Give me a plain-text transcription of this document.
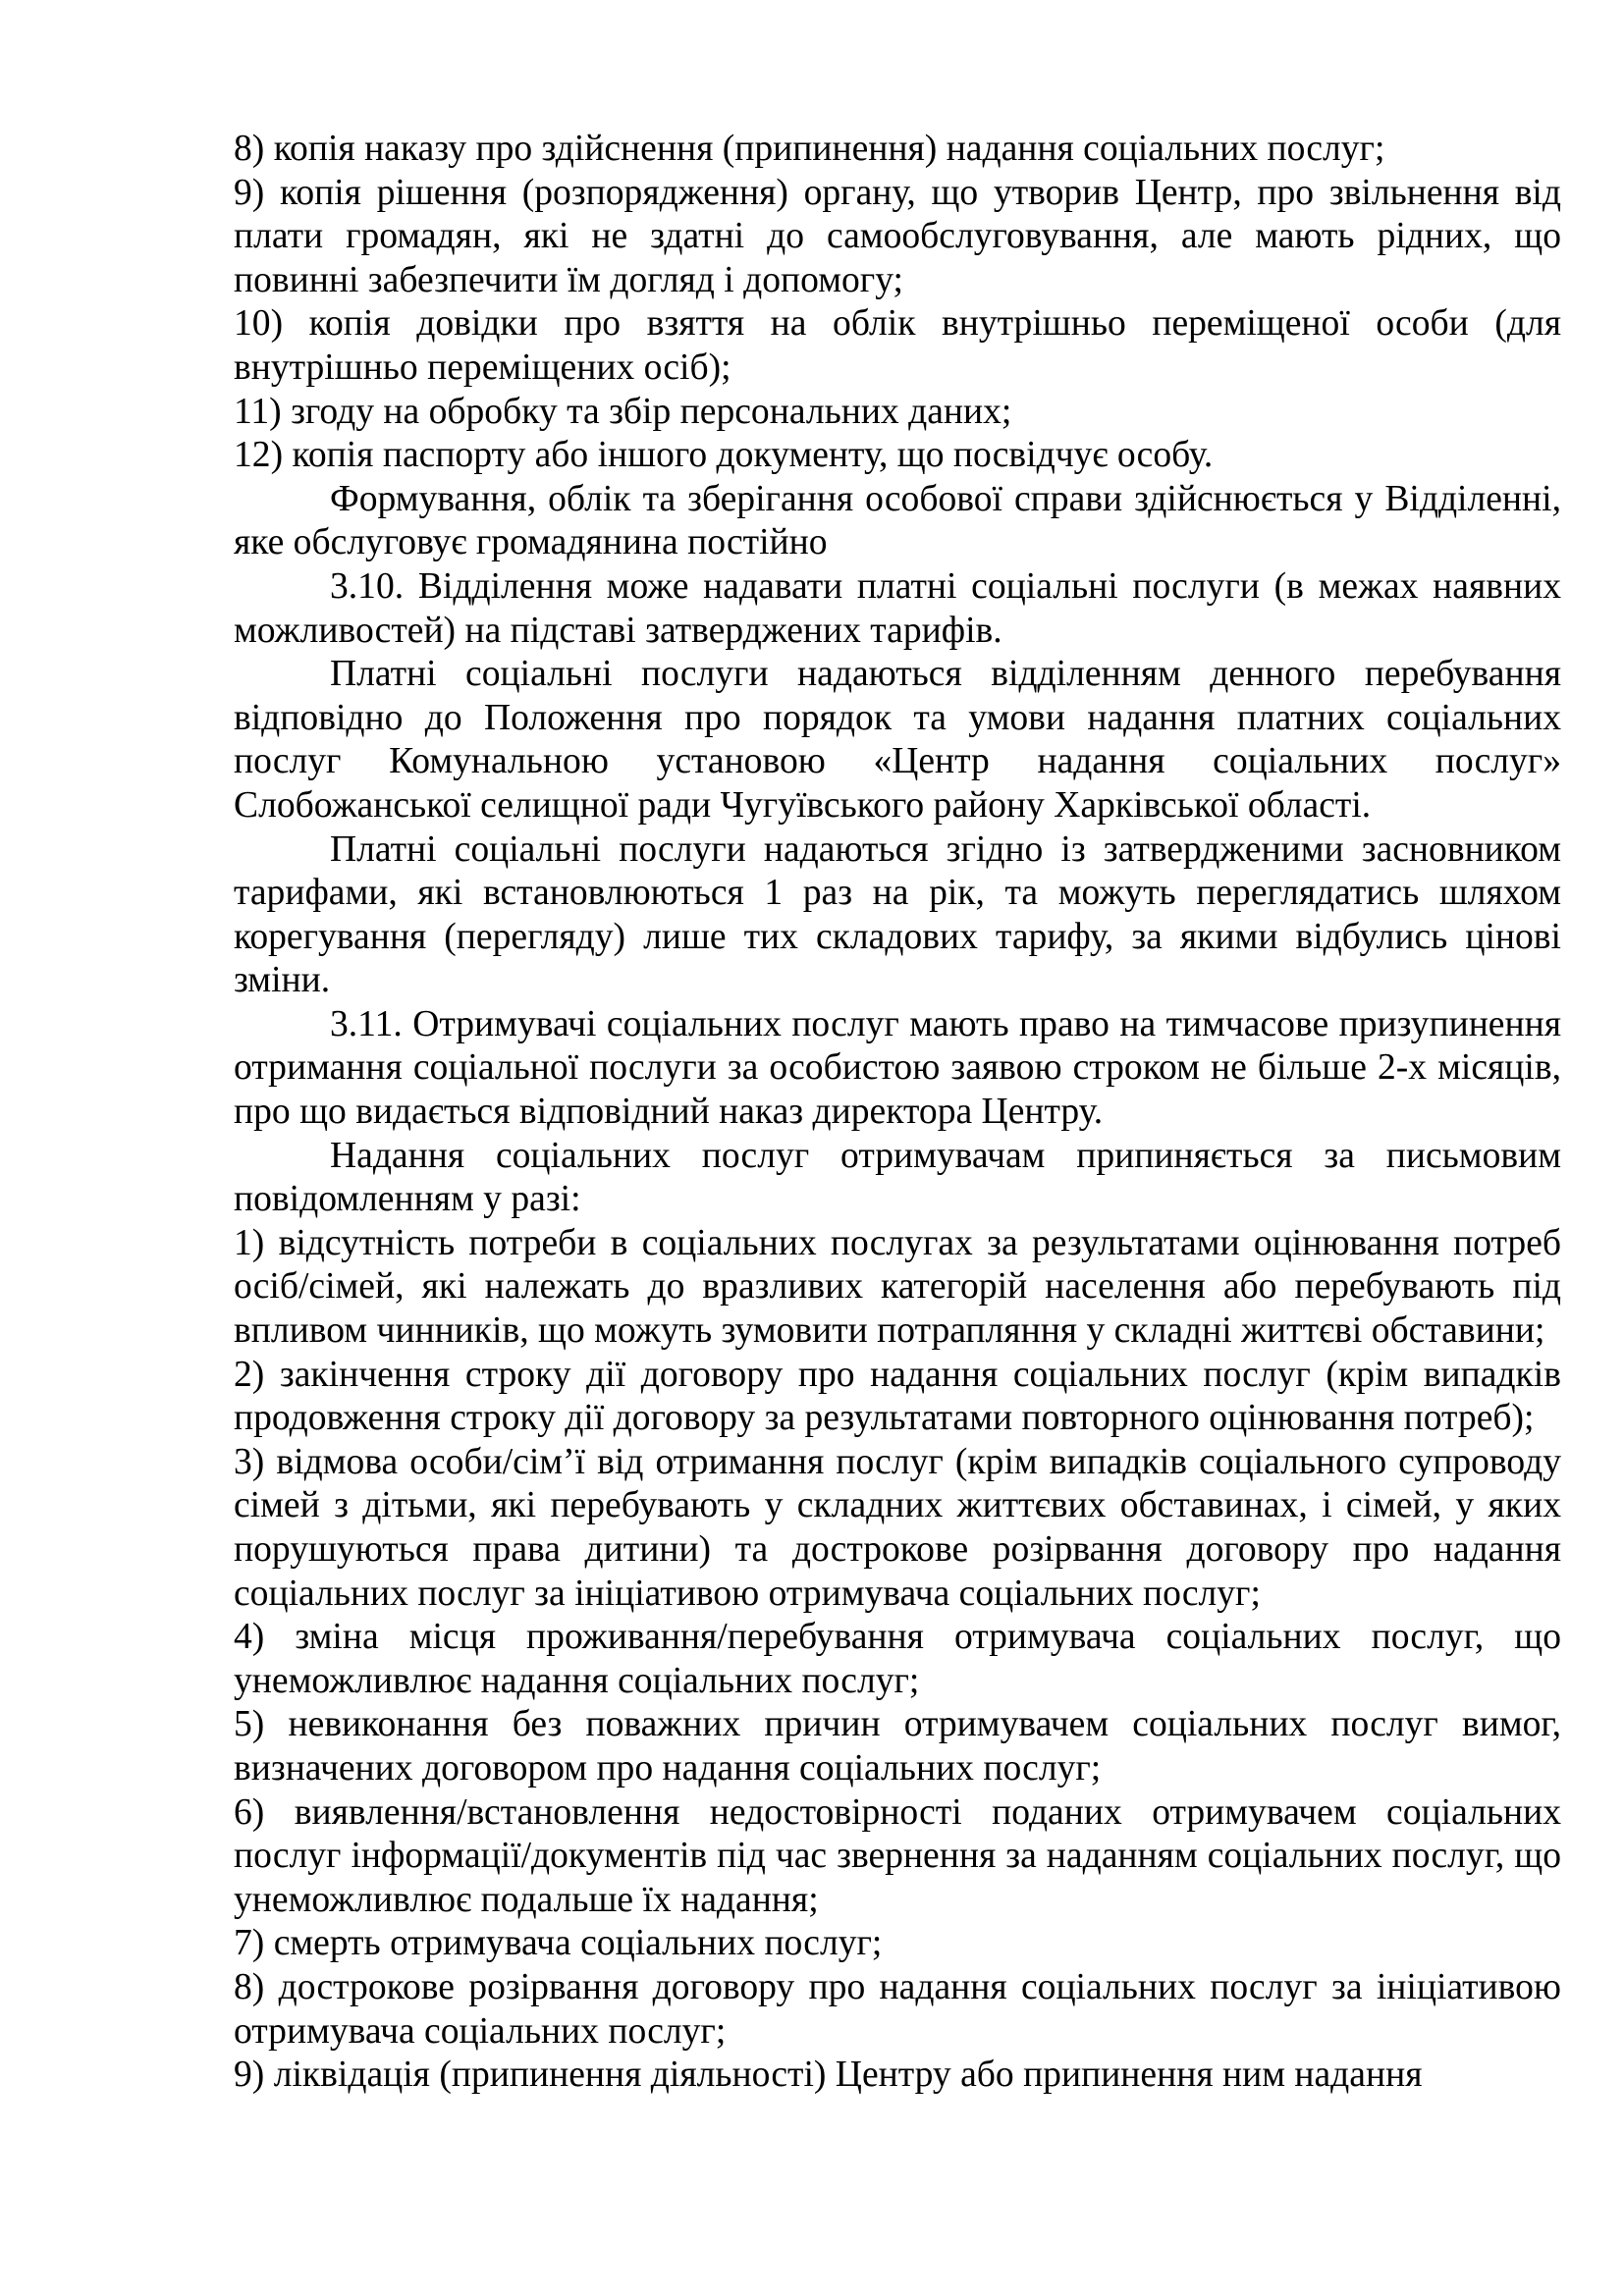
8) копія наказу про здійснення (припинення) надання соціальних послуг;

9) копія рішення (розпорядження) органу, що утворив Центр, про звільнення від плати громадян, які не здатні до самообслуговування, але мають рідних, що повинні забезпечити їм догляд і допомогу;

10) копія довідки про взяття на облік внутрішньо переміщеної особи (для внутрішньо переміщених осіб);

11) згоду на обробку та збір персональних даних;

12) копія паспорту або іншого документу, що посвідчує особу.

Формування, облік та зберігання особової справи здійснюється у Відділенні, яке обслуговує громадянина постійно

3.10. Відділення може надавати платні соціальні послуги (в межах наявних можливостей) на підставі затверджених тарифів.

Платні соціальні послуги надаються відділенням денного перебування відповідно до Положення про порядок та умови надання платних соціальних послуг Комунальною установою «Центр надання соціальних послуг» Слобожанської селищної ради Чугуївського району Харківської області.

Платні соціальні послуги надаються згідно із затвердженими засновником тарифами, які встановлюються 1 раз на рік, та можуть переглядатись шляхом корегування (перегляду) лише тих складових тарифу, за якими відбулись цінові зміни.

3.11. Отримувачі соціальних послуг мають право на тимчасове призупинення отримання соціальної послуги за особистою заявою строком не більше 2-х місяців, про що видається відповідний наказ директора Центру.

Надання соціальних послуг отримувачам припиняється за письмовим повідомленням у разі:

1) відсутність потреби в соціальних послугах за результатами оцінювання потреб осіб/сімей, які належать до вразливих категорій населення або перебувають під впливом чинників, що можуть зумовити потрапляння у складні життєві обставини;

2) закінчення строку дії договору про надання соціальних послуг (крім випадків продовження строку дії договору за результатами повторного оцінювання потреб);

3) відмова особи/сім’ї від отримання послуг (крім випадків соціального супроводу сімей з дітьми, які перебувають у складних життєвих обставинах, і сімей, у яких порушуються права дитини) та дострокове розірвання договору про надання соціальних послуг за ініціативою отримувача соціальних послуг;

4) зміна місця проживання/перебування отримувача соціальних послуг, що унеможливлює надання соціальних послуг;

5) невиконання без поважних причин отримувачем соціальних послуг вимог, визначених договором про надання соціальних послуг;

6) виявлення/встановлення недостовірності поданих отримувачем соціальних послуг інформації/документів під час звернення за наданням соціальних послуг, що унеможливлює подальше їх надання;

7) смерть отримувача соціальних послуг;

8) дострокове розірвання договору про надання соціальних послуг за ініціативою отримувача соціальних послуг;

9) ліквідація (припинення діяльності) Центру або припинення ним надання
